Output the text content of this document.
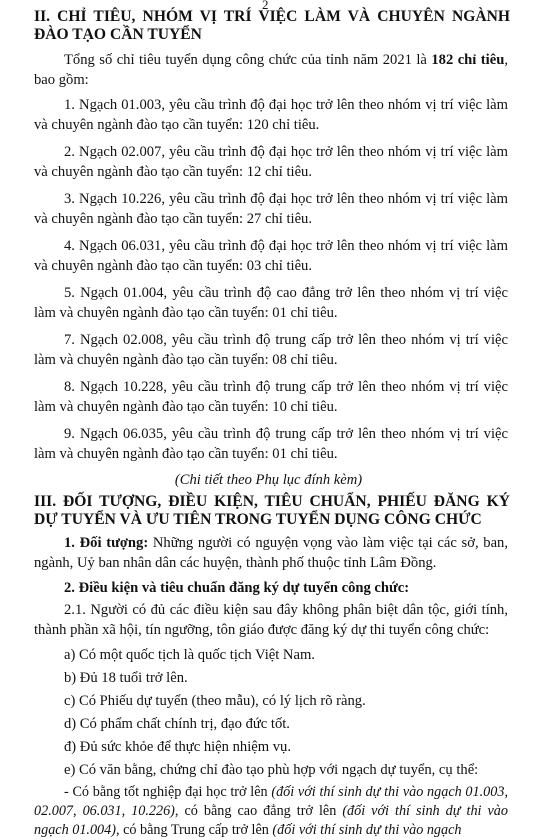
2
II. CHỈ TIÊU, NHÓM VỊ TRÍ VIỆC LÀM VÀ CHUYÊN NGÀNH ĐÀO TẠO CẦN TUYỂN

Tổng số chỉ tiêu tuyển dụng công chức của tỉnh năm 2021 là 182 chỉ tiêu, bao gồm:

1. Ngạch 01.003, yêu cầu trình độ đại học trở lên theo nhóm vị trí việc làm và chuyên ngành đào tạo cần tuyển: 120 chỉ tiêu.

2. Ngạch 02.007, yêu cầu trình độ đại học trở lên theo nhóm vị trí việc làm và chuyên ngành đào tạo cần tuyển: 12 chỉ tiêu.

3. Ngạch 10.226, yêu cầu trình độ đại học trở lên theo nhóm vị trí việc làm và chuyên ngành đào tạo cần tuyển: 27 chỉ tiêu.

4. Ngạch 06.031, yêu cầu trình độ đại học trở lên theo nhóm vị trí việc làm và chuyên ngành đào tạo cần tuyển: 03 chỉ tiêu.

5. Ngạch 01.004, yêu cầu trình độ cao đẳng trở lên theo nhóm vị trí việc làm và chuyên ngành đào tạo cần tuyển: 01 chỉ tiêu.

7. Ngạch 02.008, yêu cầu trình độ trung cấp trở lên theo nhóm vị trí việc làm và chuyên ngành đào tạo cần tuyển: 08 chỉ tiêu.

8. Ngạch 10.228, yêu cầu trình độ trung cấp trở lên theo nhóm vị trí việc làm và chuyên ngành đào tạo cần tuyển: 10 chỉ tiêu.

9. Ngạch 06.035, yêu cầu trình độ trung cấp trở lên theo nhóm vị trí việc làm và chuyên ngành đào tạo cần tuyển: 01 chỉ tiêu.

(Chi tiết theo Phụ lục đính kèm)
III. ĐỐI TƯỢNG, ĐIỀU KIỆN, TIÊU CHUẨN, PHIẾU ĐĂNG KÝ DỰ TUYỂN VÀ ƯU TIÊN TRONG TUYỂN DỤNG CÔNG CHỨC

1. Đối tượng: Những người có nguyện vọng vào làm việc tại các sở, ban, ngành, Uỷ ban nhân dân các huyện, thành phố thuộc tỉnh Lâm Đồng.

2. Điều kiện và tiêu chuẩn đăng ký dự tuyển công chức:

2.1. Người có đủ các điều kiện sau đây không phân biệt dân tộc, giới tính, thành phần xã hội, tín ngưỡng, tôn giáo được đăng ký dự thi tuyển công chức:

a) Có một quốc tịch là quốc tịch Việt Nam.

b) Đủ 18 tuổi trở lên.

c) Có Phiếu dự tuyển (theo mẫu), có lý lịch rõ ràng.

d) Có phẩm chất chính trị, đạo đức tốt.

đ) Đủ sức khỏe để thực hiện nhiệm vụ.

e) Có văn bằng, chứng chỉ đào tạo phù hợp với ngạch dự tuyển, cụ thể:

- Có bằng tốt nghiệp đại học trở lên (đối với thí sinh dự thi vào ngạch 01.003, 02.007, 06.031, 10.226), có bằng cao đẳng trở lên (đối với thí sinh dự thi vào ngạch 01.004), có bằng Trung cấp trở lên (đối với thí sinh dự thi vào ngạch
